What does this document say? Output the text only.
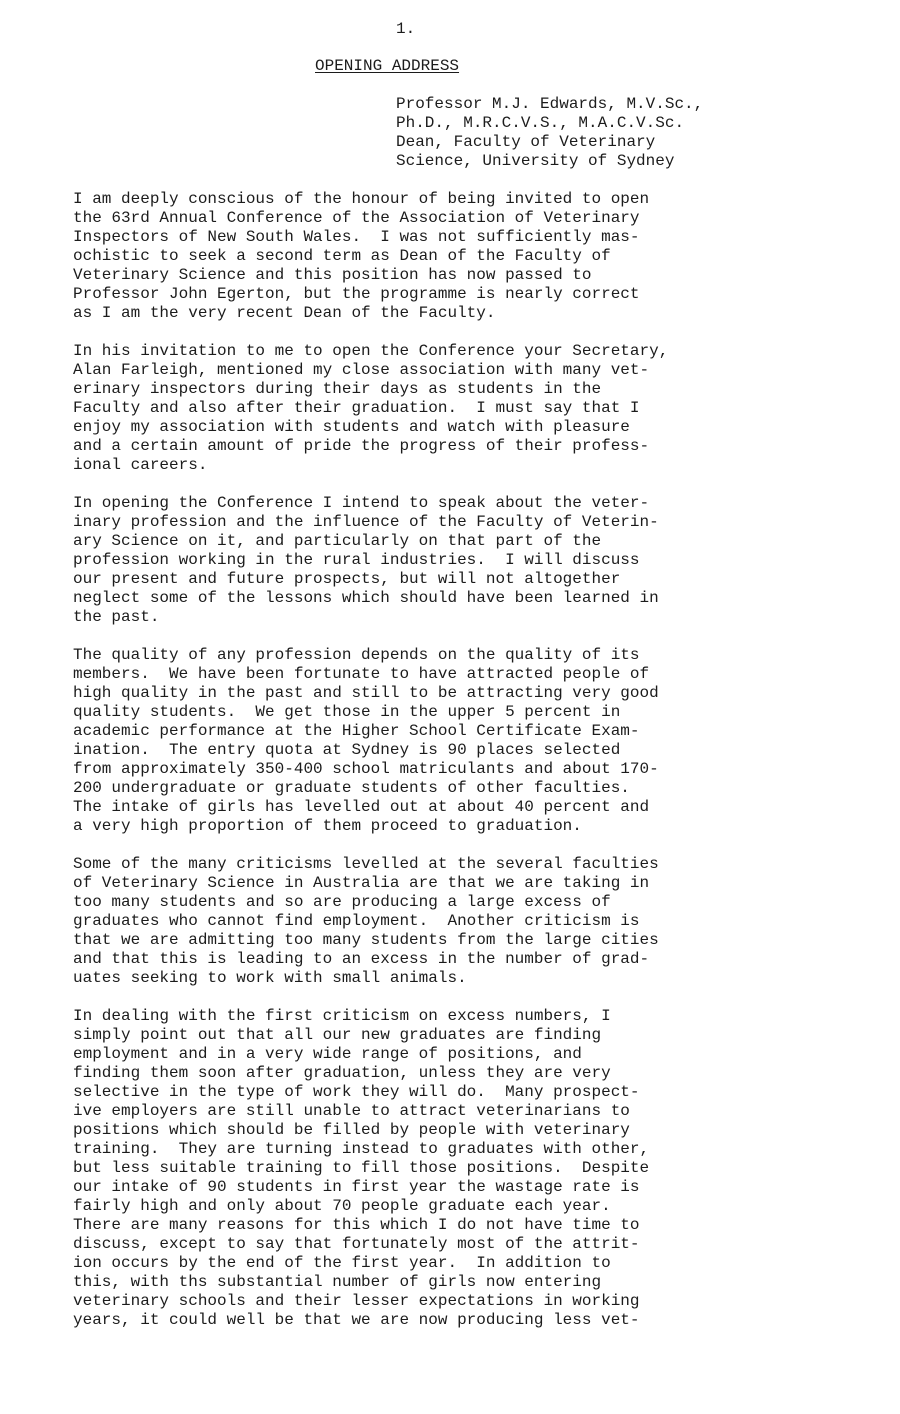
1.
OPENING ADDRESS
Professor M.J. Edwards, M.V.Sc.,
Ph.D., M.R.C.V.S., M.A.C.V.Sc.
Dean, Faculty of Veterinary
Science, University of Sydney
I am deeply conscious of the honour of being invited to open
the 63rd Annual Conference of the Association of Veterinary
Inspectors of New South Wales.  I was not sufficiently mas-
ochistic to seek a second term as Dean of the Faculty of
Veterinary Science and this position has now passed to
Professor John Egerton, but the programme is nearly correct
as I am the very recent Dean of the Faculty.
In his invitation to me to open the Conference your Secretary,
Alan Farleigh, mentioned my close association with many vet-
erinary inspectors during their days as students in the
Faculty and also after their graduation.  I must say that I
enjoy my association with students and watch with pleasure
and a certain amount of pride the progress of their profess-
ional careers.
In opening the Conference I intend to speak about the veter-
inary profession and the influence of the Faculty of Veterin-
ary Science on it, and particularly on that part of the
profession working in the rural industries.  I will discuss
our present and future prospects, but will not altogether
neglect some of the lessons which should have been learned in
the past.
The quality of any profession depends on the quality of its
members.  We have been fortunate to have attracted people of
high quality in the past and still to be attracting very good
quality students.  We get those in the upper 5 percent in
academic performance at the Higher School Certificate Exam-
ination.  The entry quota at Sydney is 90 places selected
from approximately 350-400 school matriculants and about 170-
200 undergraduate or graduate students of other faculties.
The intake of girls has levelled out at about 40 percent and
a very high proportion of them proceed to graduation.
Some of the many criticisms levelled at the several faculties
of Veterinary Science in Australia are that we are taking in
too many students and so are producing a large excess of
graduates who cannot find employment.  Another criticism is
that we are admitting too many students from the large cities
and that this is leading to an excess in the number of grad-
uates seeking to work with small animals.
In dealing with the first criticism on excess numbers, I
simply point out that all our new graduates are finding
employment and in a very wide range of positions, and
finding them soon after graduation, unless they are very
selective in the type of work they will do.  Many prospect-
ive employers are still unable to attract veterinarians to
positions which should be filled by people with veterinary
training.  They are turning instead to graduates with other,
but less suitable training to fill those positions.  Despite
our intake of 90 students in first year the wastage rate is
fairly high and only about 70 people graduate each year.
There are many reasons for this which I do not have time to
discuss, except to say that fortunately most of the attrit-
ion occurs by the end of the first year.  In addition to
this, with ths substantial number of girls now entering
veterinary schools and their lesser expectations in working
years, it could well be that we are now producing less vet-
